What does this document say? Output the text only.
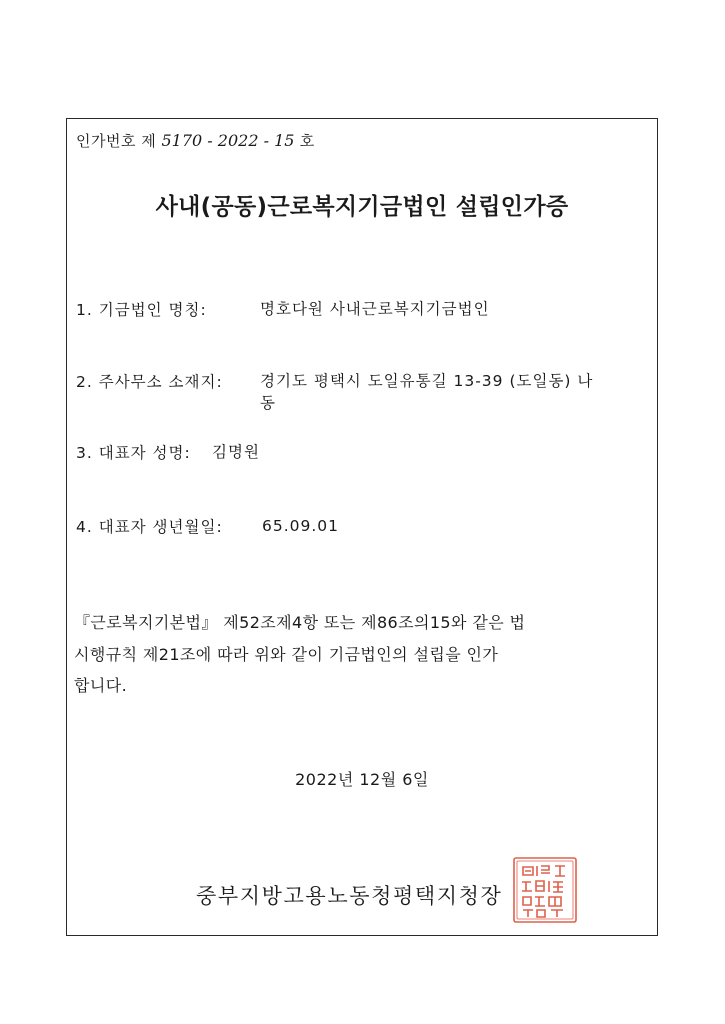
인가번호 제 5170 - 2022 - 15 호
사내(공동)근로복지기금법인 설립인가증
1. 기금법인 명칭:	명호다원 사내근로복지기금법인
2. 주사무소 소재지: 경기도 평택시 도일유통길 13-39 (도일동) 나
동
3. 대표자 성명: 김명원
4. 대표자 생년월일:	65.09.01
『근로복지기본법』 제52조제4항 또는 제86조의15와 같은 법
시행규칙 제21조에 따라 위와 같이 기금법인의 설립을 인가
합니다.
2022년 12월 6일
중부지방고용노동청평택지청장
